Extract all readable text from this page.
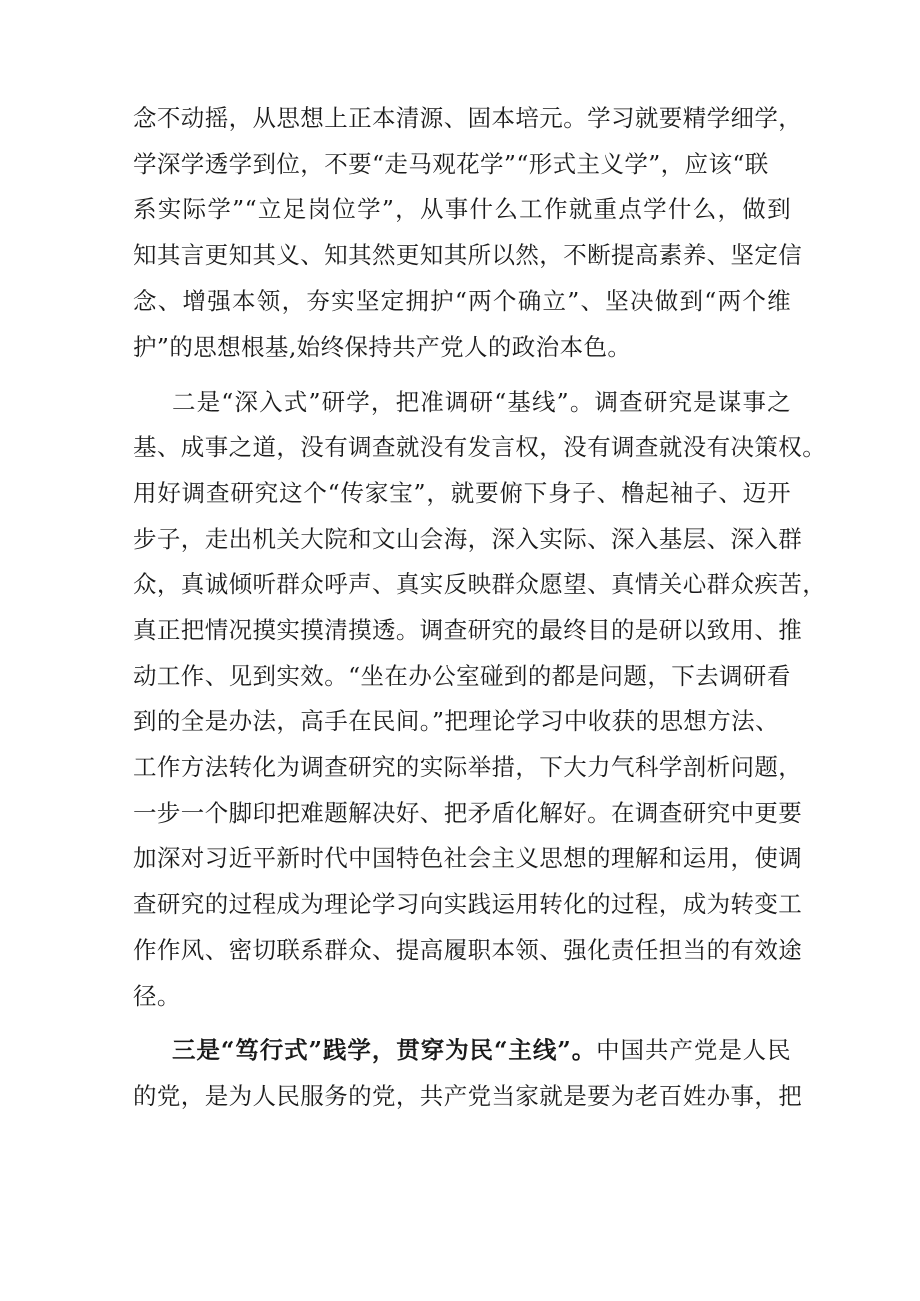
念不动摇，从思想上正本清源、固本培元。学习就要精学细学，
学深学透学到位，不要“走马观花学”“形式主义学”，应该“联
系实际学”“立足岗位学”，从事什么工作就重点学什么，做到
知其言更知其义、知其然更知其所以然，不断提高素养、坚定信
念、增强本领，夯实坚定拥护“两个确立”、坚决做到“两个维
护”的思想根基,始终保持共产党人的政治本色。
二是“深入式”研学，把准调研“基线”。调查研究是谋事之
基、成事之道，没有调查就没有发言权，没有调查就没有决策权。
用好调查研究这个“传家宝”，就要俯下身子、橹起袖子、迈开
步子，走出机关大院和文山会海，深入实际、深入基层、深入群
众，真诚倾听群众呼声、真实反映群众愿望、真情关心群众疾苦，
真正把情况摸实摸清摸透。调查研究的最终目的是研以致用、推
动工作、见到实效。“坐在办公室碰到的都是问题，下去调研看
到的全是办法，高手在民间。”把理论学习中收获的思想方法、
工作方法转化为调查研究的实际举措，下大力气科学剖析问题，
一步一个脚印把难题解决好、把矛盾化解好。在调查研究中更要
加深对习近平新时代中国特色社会主义思想的理解和运用，使调
查研究的过程成为理论学习向实践运用转化的过程，成为转变工
作作风、密切联系群众、提高履职本领、强化责任担当的有效途
径。
三是“笃行式”践学，贯穿为民“主线”。中国共产党是人民
的党，是为人民服务的党，共产党当家就是要为老百姓办事，把
